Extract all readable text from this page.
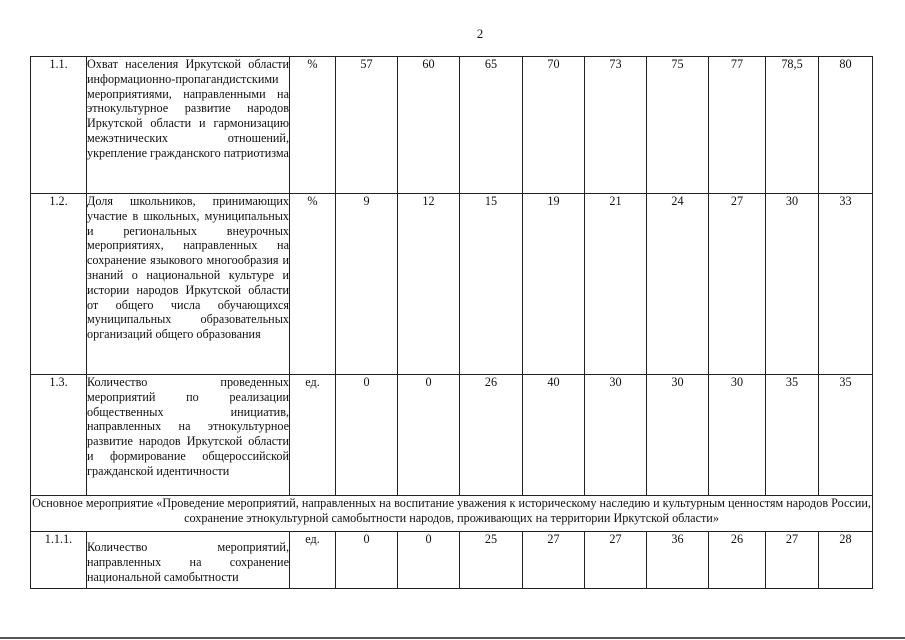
2
1.1.	Охват населения Иркутской области информационно-пропагандистскими мероприятиями, направленными на этнокультурное развитие народов Иркутской области и гармонизацию межэтнических отношений, укрепление гражданского патриотизма	%	57	60	65	70	73	75	77	78,5	80
1.2.	Доля школьников, принимающих участие в школьных, муниципальных и региональных внеурочных мероприятиях, направленных на сохранение языкового многообразия и знаний о национальной культуре и истории народов Иркутской области от общего числа обучающихся муниципальных образовательных организаций общего образования	%	9	12	15	19	21	24	27	30	33
1.3.	Количество проведенных мероприятий по реализации общественных инициатив, направленных на этнокультурное развитие народов Иркутской области и формирование общероссийской гражданской идентичности	ед.	0	0	26	40	30	30	30	35	35
Основное мероприятие «Проведение мероприятий, направленных на воспитание уважения к историческому наследию и культурным ценностям народов России, сохранение этнокультурной самобытности народов, проживающих на территории Иркутской области»											
1.1.1.	Количество мероприятий, направленных на сохранение национальной самобытности	ед.	0	0	25	27	27	36	26	27	28
